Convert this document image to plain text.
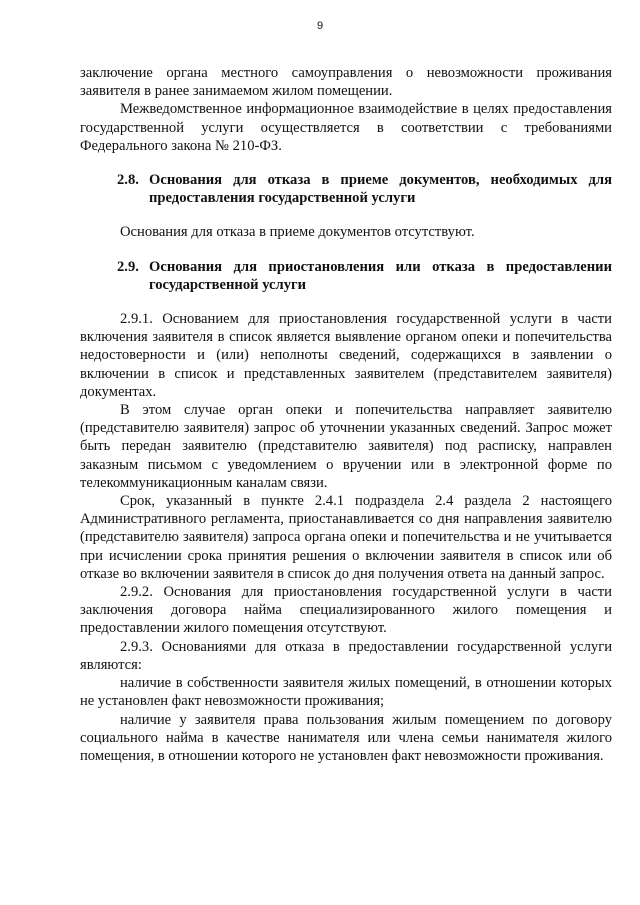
9

заключение органа местного самоуправления о невозможности проживания заявителя в ранее занимаемом жилом помещении.

Межведомственное информационное взаимодействие в целях предоставления государственной услуги осуществляется в соответствии с требованиями Федерального закона № 210-ФЗ.

2.8. Основания для отказа в приеме документов, необходимых для предоставления государственной услуги

Основания для отказа в приеме документов отсутствуют.

2.9. Основания для приостановления или отказа в предоставлении государственной услуги

2.9.1. Основанием для приостановления государственной услуги в части включения заявителя в список является выявление органом опеки и попечительства недостоверности и (или) неполноты сведений, содержащихся в заявлении о включении в список и представленных заявителем (представителем заявителя) документах.

В этом случае орган опеки и попечительства направляет заявителю (представителю заявителя) запрос об уточнении указанных сведений. Запрос может быть передан заявителю (представителю заявителя) под расписку, направлен заказным письмом с уведомлением о вручении или в электронной форме по телекоммуникационным каналам связи.

Срок, указанный в пункте 2.4.1 подраздела 2.4 раздела 2 настоящего Административного регламента, приостанавливается со дня направления заявителю (представителю заявителя) запроса органа опеки и попечительства и не учитывается при исчислении срока принятия решения о включении заявителя в список или об отказе во включении заявителя в список до дня получения ответа на данный запрос.

2.9.2. Основания для приостановления государственной услуги в части заключения договора найма специализированного жилого помещения и предоставлении жилого помещения отсутствуют.

2.9.3. Основаниями для отказа в предоставлении государственной услуги являются:

наличие в собственности заявителя жилых помещений, в отношении которых не установлен факт невозможности проживания;

наличие у заявителя права пользования жилым помещением по договору социального найма в качестве нанимателя или члена семьи нанимателя жилого помещения, в отношении которого не установлен факт невозможности проживания.
